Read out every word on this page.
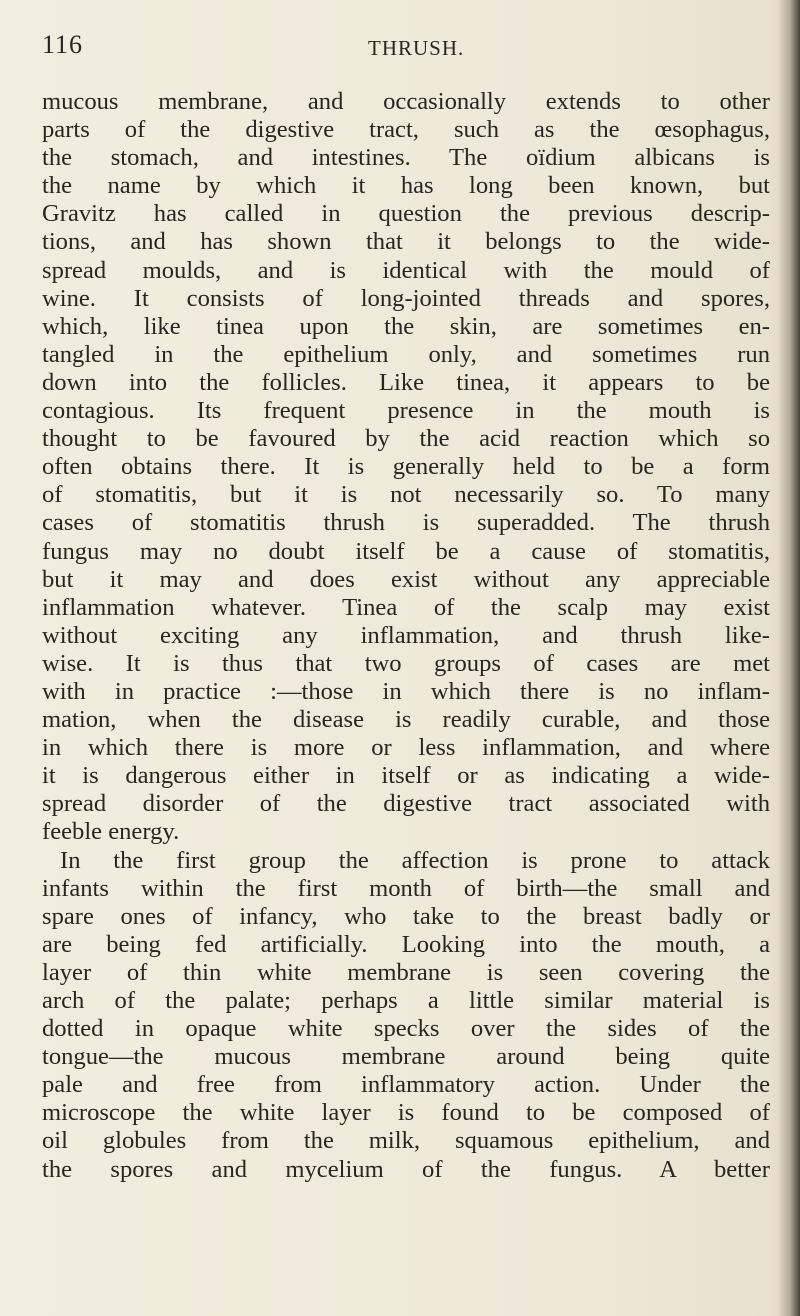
116	THRUSH.
mucous membrane, and occasionally extends to other
parts of the digestive tract, such as the œsophagus,
the stomach, and intestines. The oïdium albicans is
the name by which it has long been known, but
Gravitz has called in question the previous descrip-
tions, and has shown that it belongs to the wide-
spread moulds, and is identical with the mould of
wine. It consists of long-jointed threads and spores,
which, like tinea upon the skin, are sometimes en-
tangled in the epithelium only, and sometimes run
down into the follicles. Like tinea, it appears to be
contagious. Its frequent presence in the mouth is
thought to be favoured by the acid reaction which so
often obtains there. It is generally held to be a form
of stomatitis, but it is not necessarily so. To many
cases of stomatitis thrush is superadded. The thrush
fungus may no doubt itself be a cause of stomatitis,
but it may and does exist without any appreciable
inflammation whatever. Tinea of the scalp may exist
without exciting any inflammation, and thrush like-
wise. It is thus that two groups of cases are met
with in practice :—those in which there is no inflam-
mation, when the disease is readily curable, and those
in which there is more or less inflammation, and where
it is dangerous either in itself or as indicating a wide-
spread disorder of the digestive tract associated with
feeble energy.
In the first group the affection is prone to attack
infants within the first month of birth—the small and
spare ones of infancy, who take to the breast badly or
are being fed artificially. Looking into the mouth, a
layer of thin white membrane is seen covering the
arch of the palate; perhaps a little similar material is
dotted in opaque white specks over the sides of the
tongue—the mucous membrane around being quite
pale and free from inflammatory action. Under the
microscope the white layer is found to be composed of
oil globules from the milk, squamous epithelium, and
the spores and mycelium of the fungus. A better
